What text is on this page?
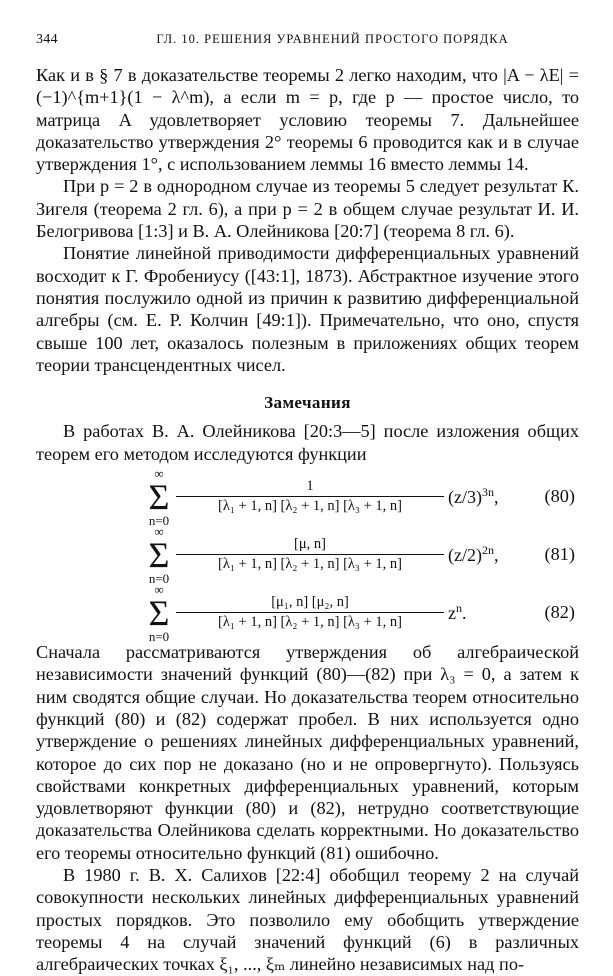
344	ГЛ. 10. РЕШЕНИЯ УРАВНЕНИЙ ПРОСТОГО ПОРЯДКА

Как и в § 7 в доказательстве теоремы 2 легко находим, что |A − λE| = (−1)^{m+1}(1 − λ^m), а если m = p, где p — простое число, то матрица A удовлетворяет условию теоремы 7. Дальнейшее доказательство утверждения 2° теоремы 6 проводится как и в случае утверждения 1°, с использованием леммы 16 вместо леммы 14.

При p = 2 в однородном случае из теоремы 5 следует результат К. Зигеля (теорема 2 гл. 6), а при p = 2 в общем случае результат И. И. Белогривова [1:3] и В. А. Олейникова [20:7] (теорема 8 гл. 6).

Понятие линейной приводимости дифференциальных уравнений восходит к Г. Фробениусу ([43:1], 1873). Абстрактное изучение этого понятия послужило одной из причин к развитию дифференциальной алгебры (см. Е. Р. Колчин [49:1]). Примечательно, что оно, спустя свыше 100 лет, оказалось полезным в приложениях общих теорем теории трансцендентных чисел.

Замечания

В работах В. А. Олейникова [20:3—5] после изложения общих теорем его методом исследуются функции

∞
Σ
n=0
$\frac{1}{\text{[λ₁ + 1, n] [λ₂ + 1, n] [λ₃ + 1, n]}} (z/3)^{3n}$,	(80)
∞
Σ
n=0
$\frac{[\mu, n]}{\text{[λ₁ + 1, n] [λ₂ + 1, n] [λ₃ + 1, n]}} (z/2)^{2n}$,	(81)
∞
Σ
n=0
$\frac{\text{[μ₁, n] [μ₂, n]}}{\text{[λ₁ + 1, n] [λ₂ + 1, n] [λ₃ + 1, n]}} z^n$.	(82)

Сначала рассматриваются утверждения об алгебраической независимости значений функций (80)—(82) при λ₃ = 0, а затем к ним сводятся общие случаи. Но доказательства теорем относительно функций (80) и (82) содержат пробел. В них используется одно утверждение о решениях линейных дифференциальных уравнений, которое до сих пор не доказано (но и не опровергнуто). Пользуясь свойствами конкретных дифференциальных уравнений, которым удовлетворяют функции (80) и (82), нетрудно соответствующие доказательства Олейникова сделать корректными. Но доказательство его теоремы относительно функций (81) ошибочно.

В 1980 г. В. Х. Салихов [22:4] обобщил теорему 2 на случай совокупности нескольких линейных дифференциальных уравнений простых порядков. Это позволило ему обобщить утверждение теоремы 4 на случай значений функций (6) в различных алгебраических точках ξ₁, ..., ξₘ линейно независимых над по-
